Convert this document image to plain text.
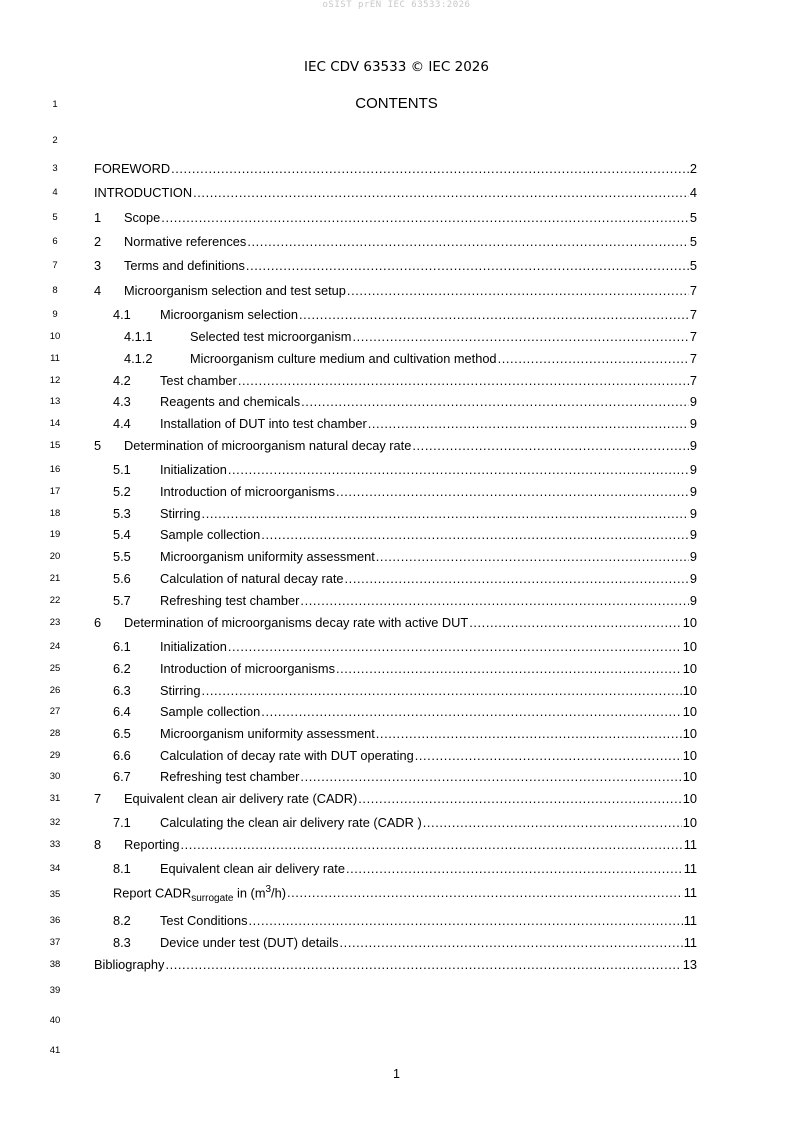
oSIST prEN IEC 63533:2026
IEC CDV 63533 © IEC 2026
1
2
3
4
5
6
7
8
9
10
11
12
13
14
15
16
17
18
19
20
21
22
23
24
25
26
27
28
29
30
31
32
33
34
35
36
37
38
39
40
41
CONTENTS
FOREWORD .....	2
INTRODUCTION .....	4
1	Scope .....	5
2	Normative references .....	5
3	Terms and definitions .....	5
4	Microorganism selection and test setup .....	7
4.1	Microorganism selection .....	7
4.1.1	Selected test microorganism .....	7
4.1.2	Microorganism culture medium and cultivation method .....	7
4.2	Test chamber .....	7
4.3	Reagents and chemicals .....	9
4.4	Installation of DUT into test chamber .....	9
5	Determination of microorganism natural decay rate .....	9
5.1	Initialization .....	9
5.2	Introduction of microorganisms .....	9
5.3	Stirring .....	9
5.4	Sample collection .....	9
5.5	Microorganism uniformity assessment .....	9
5.6	Calculation of natural decay rate .....	9
5.7	Refreshing test chamber .....	9
6	Determination of microorganisms decay rate with active DUT .....	10
6.1	Initialization .....	10
6.2	Introduction of microorganisms .....	10
6.3	Stirring .....	10
6.4	Sample collection .....	10
6.5	Microorganism uniformity assessment .....	10
6.6	Calculation of decay rate with DUT operating .....	10
6.7	Refreshing test chamber .....	10
7	Equivalent clean air delivery rate (CADR) .....	10
7.1	Calculating the clean air delivery rate (CADR ) .....	10
8	Reporting .....	11
8.1	Equivalent clean air delivery rate .....	11
Report $CADR_{surrogate}$ in $(m^3/h)$ .....	11
8.2	Test Conditions .....	11
8.3	Device under test (DUT) details .....	11
Bibliography .....	13
1
